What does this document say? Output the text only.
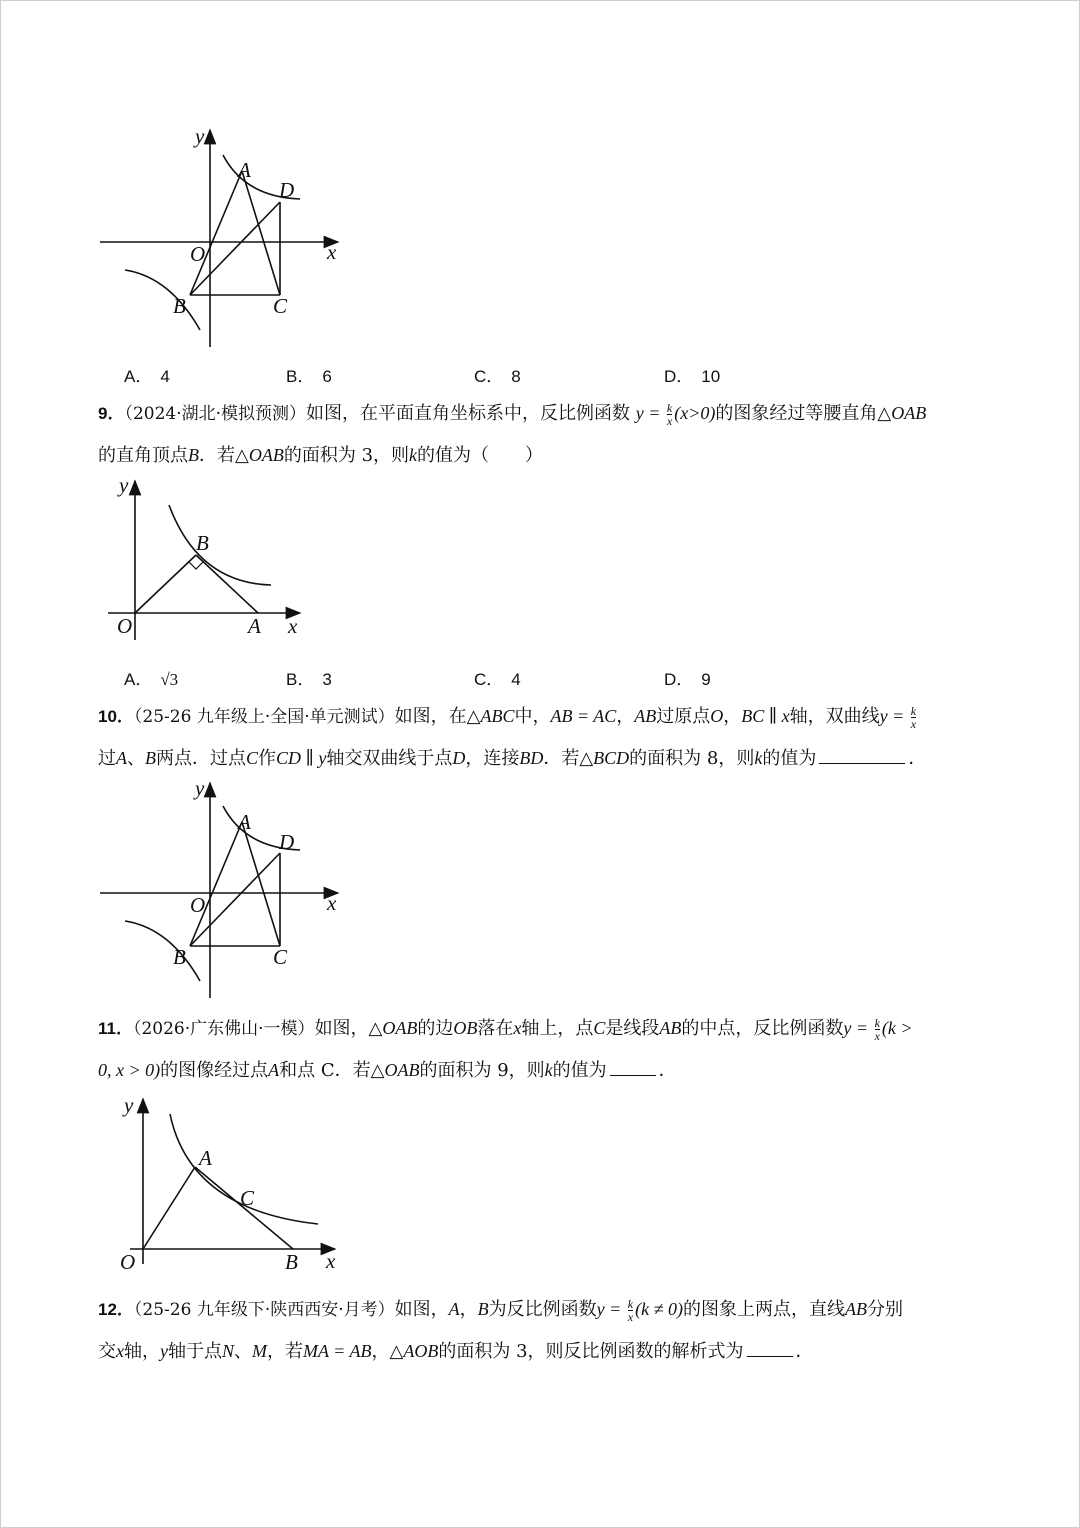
y
x
A
D
O
B	C
A． 4	B． 6	C． 8	D． 10
9．（2024·湖北·模拟预测）如图，在平面直角坐标系中，反比例函数 $y = \frac{k}{x} (x>0)$的图象经过等腰直角△OAB
的直角顶点B．若△OAB的面积为 3，则k的值为（　　）
y
x
B
O	A
A． √3	B． 3	C． 4	D． 9
10．（25-26 九年级上·全国·单元测试）如图，在△ABC中，AB = AC，AB过原点O，BC ∥ x轴，双曲线$y = \frac{k}{x}$
过A、B两点．过点C作CD ∥ y轴交双曲线于点D，连接BD．若△BCD的面积为 8，则k的值为	．
y
x
A
D
O
B	C
11．（2026·广东佛山·一模）如图，△OAB的边OB落在x轴上，点C是线段AB的中点，反比例函数$y = \frac{k}{x} (k$ >
0, x > 0)的图像经过点A和点 C．若△OAB的面积为 9，则k的值为	．
y
x
A
C
O	B
12．（25-26 九年级下·陕西西安·月考）如图，A，B为反比例函数$y = \frac{k}{x} (k \ne 0)$的图象上两点，直线AB分别
交x轴，y轴于点N、M，若MA = AB，△AOB的面积为 3，则反比例函数的解析式为	．
